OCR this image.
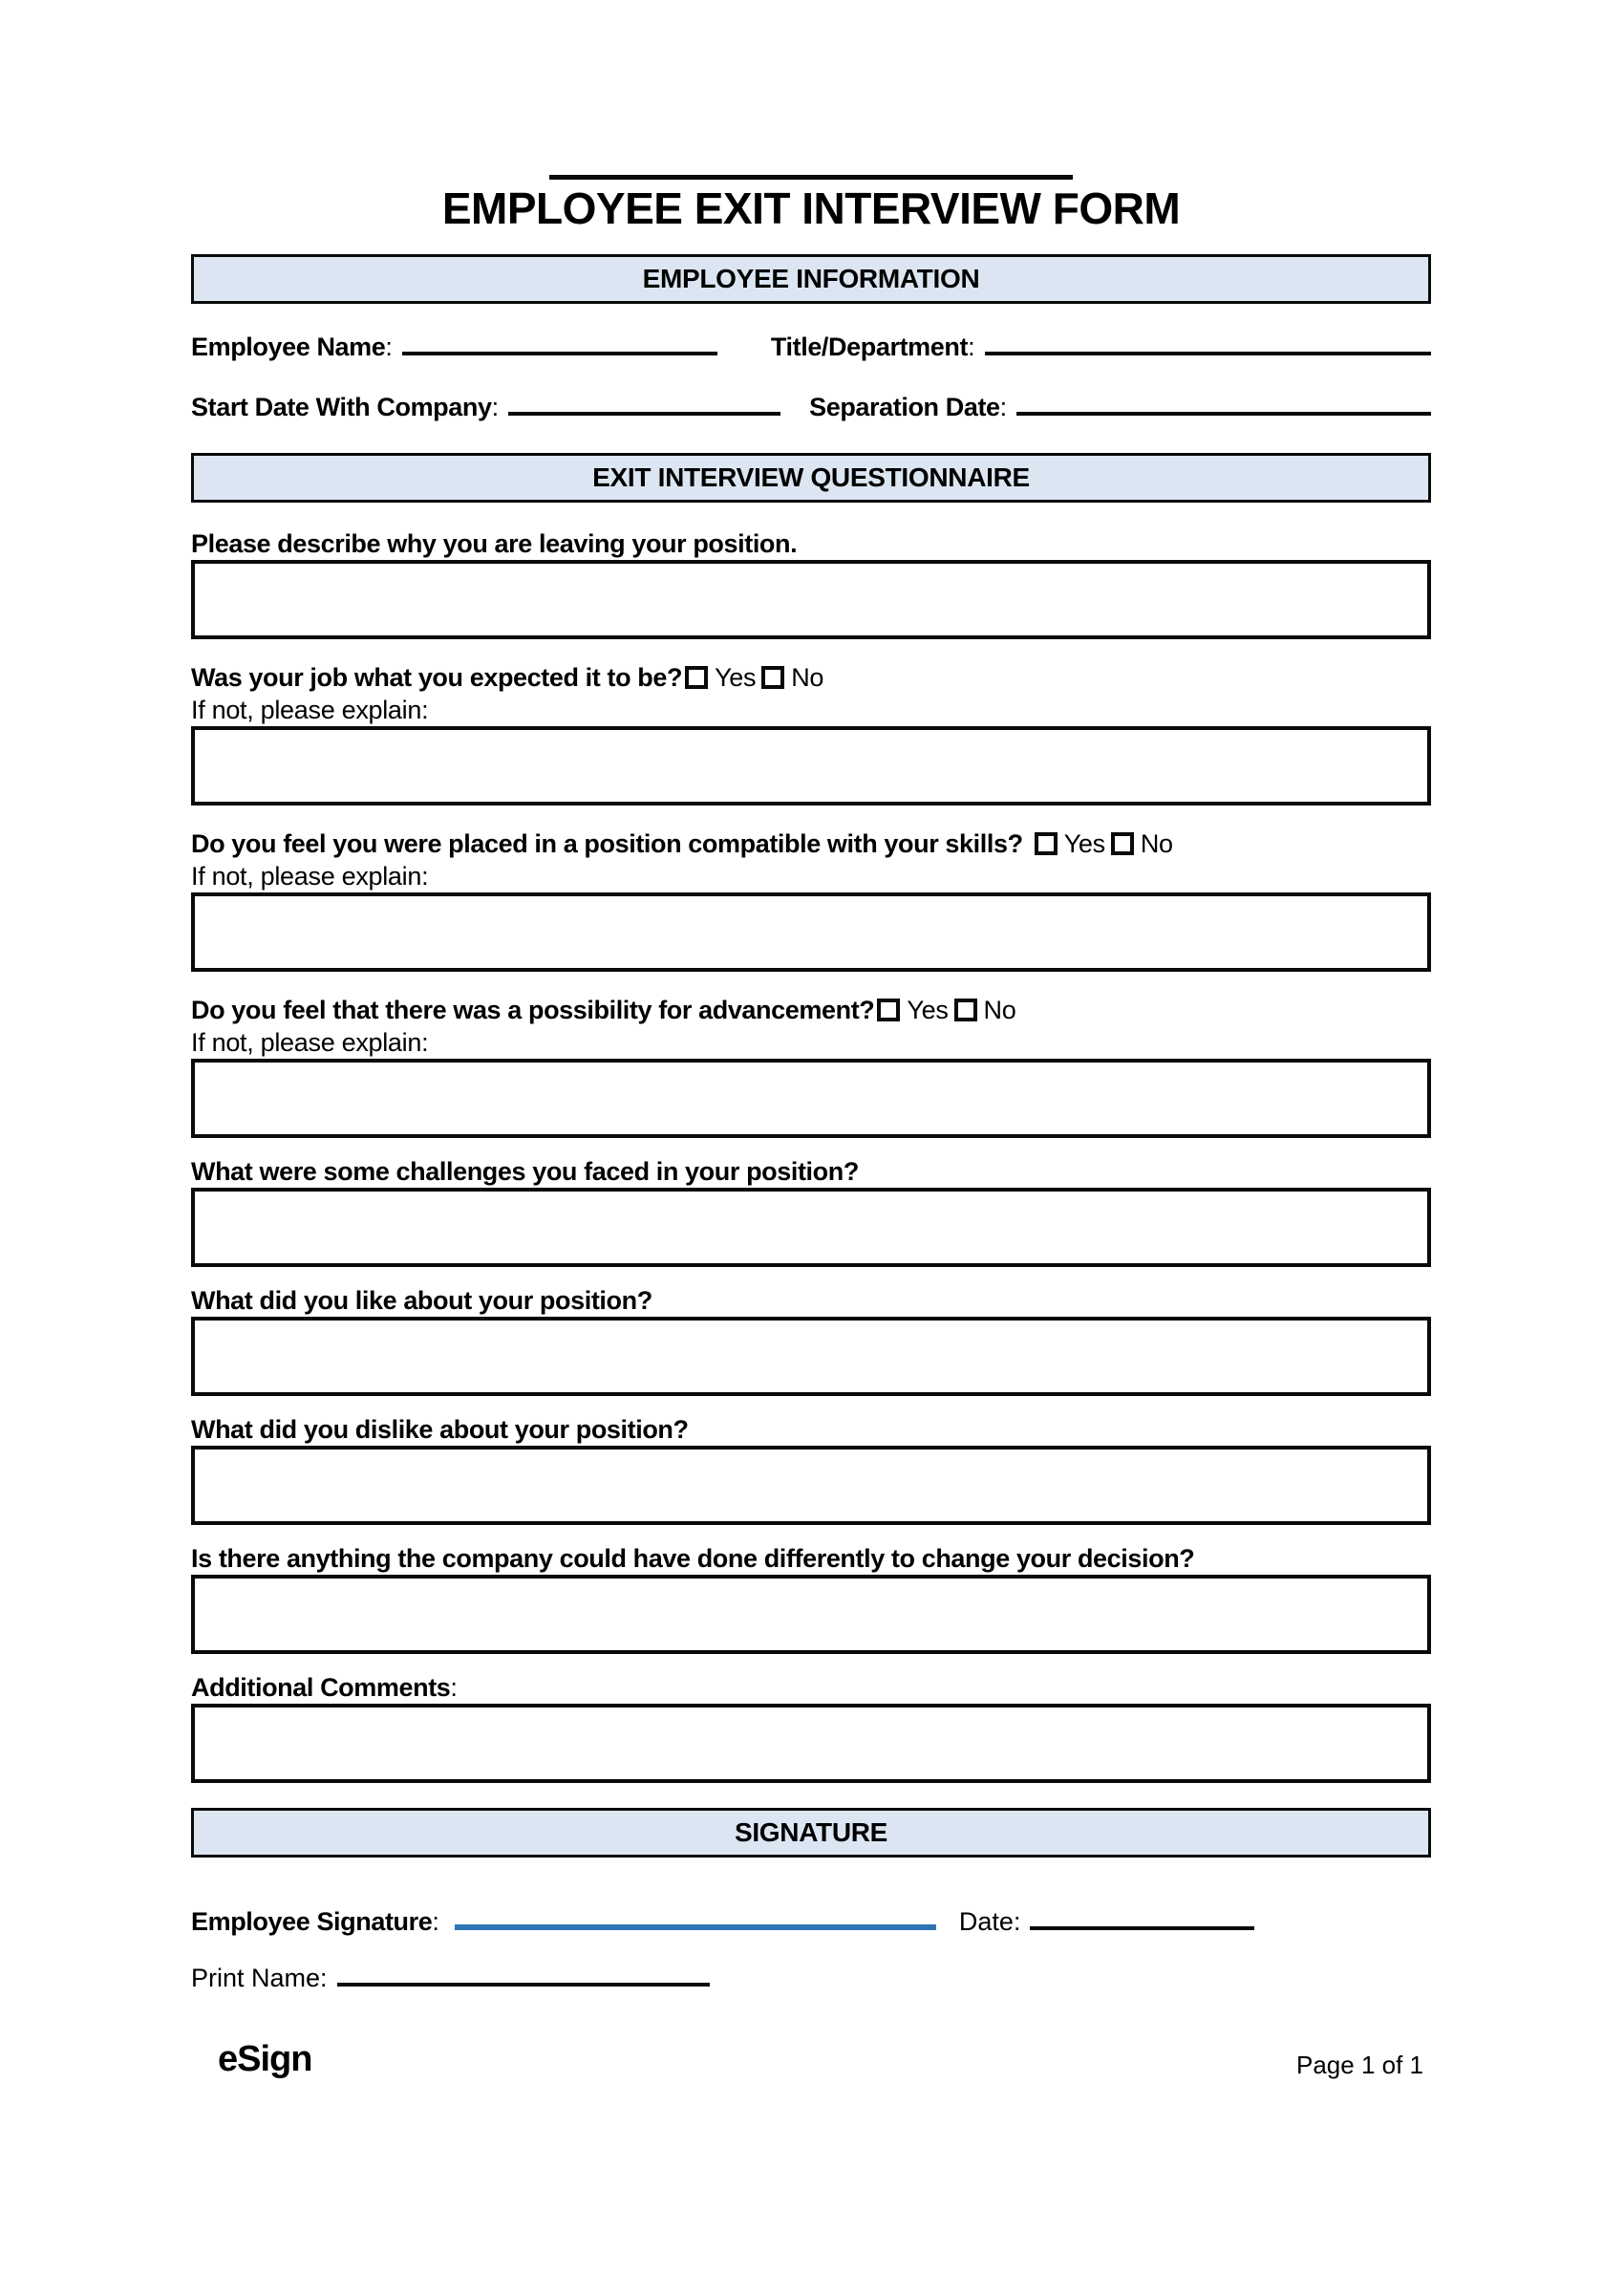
EMPLOYEE EXIT INTERVIEW FORM
EMPLOYEE INFORMATION
Employee Name :	Title/Department :
Start Date With Company :	Separation Date :
EXIT INTERVIEW QUESTIONNAIRE
Please describe why you are leaving your position.
Was your job what you expected it to be? Yes No
If not, please explain:
Do you feel you were placed in a position compatible with your skills? Yes No
If not, please explain:
Do you feel that there was a possibility for advancement? Yes No
If not, please explain:
What were some challenges you faced in your position?
What did you like about your position?
What did you dislike about your position?
Is there anything the company could have done differently to change your decision?
Additional Comments :
SIGNATURE
Employee Signature :	Date :
Print Name :
eSign	Page 1 of 1
